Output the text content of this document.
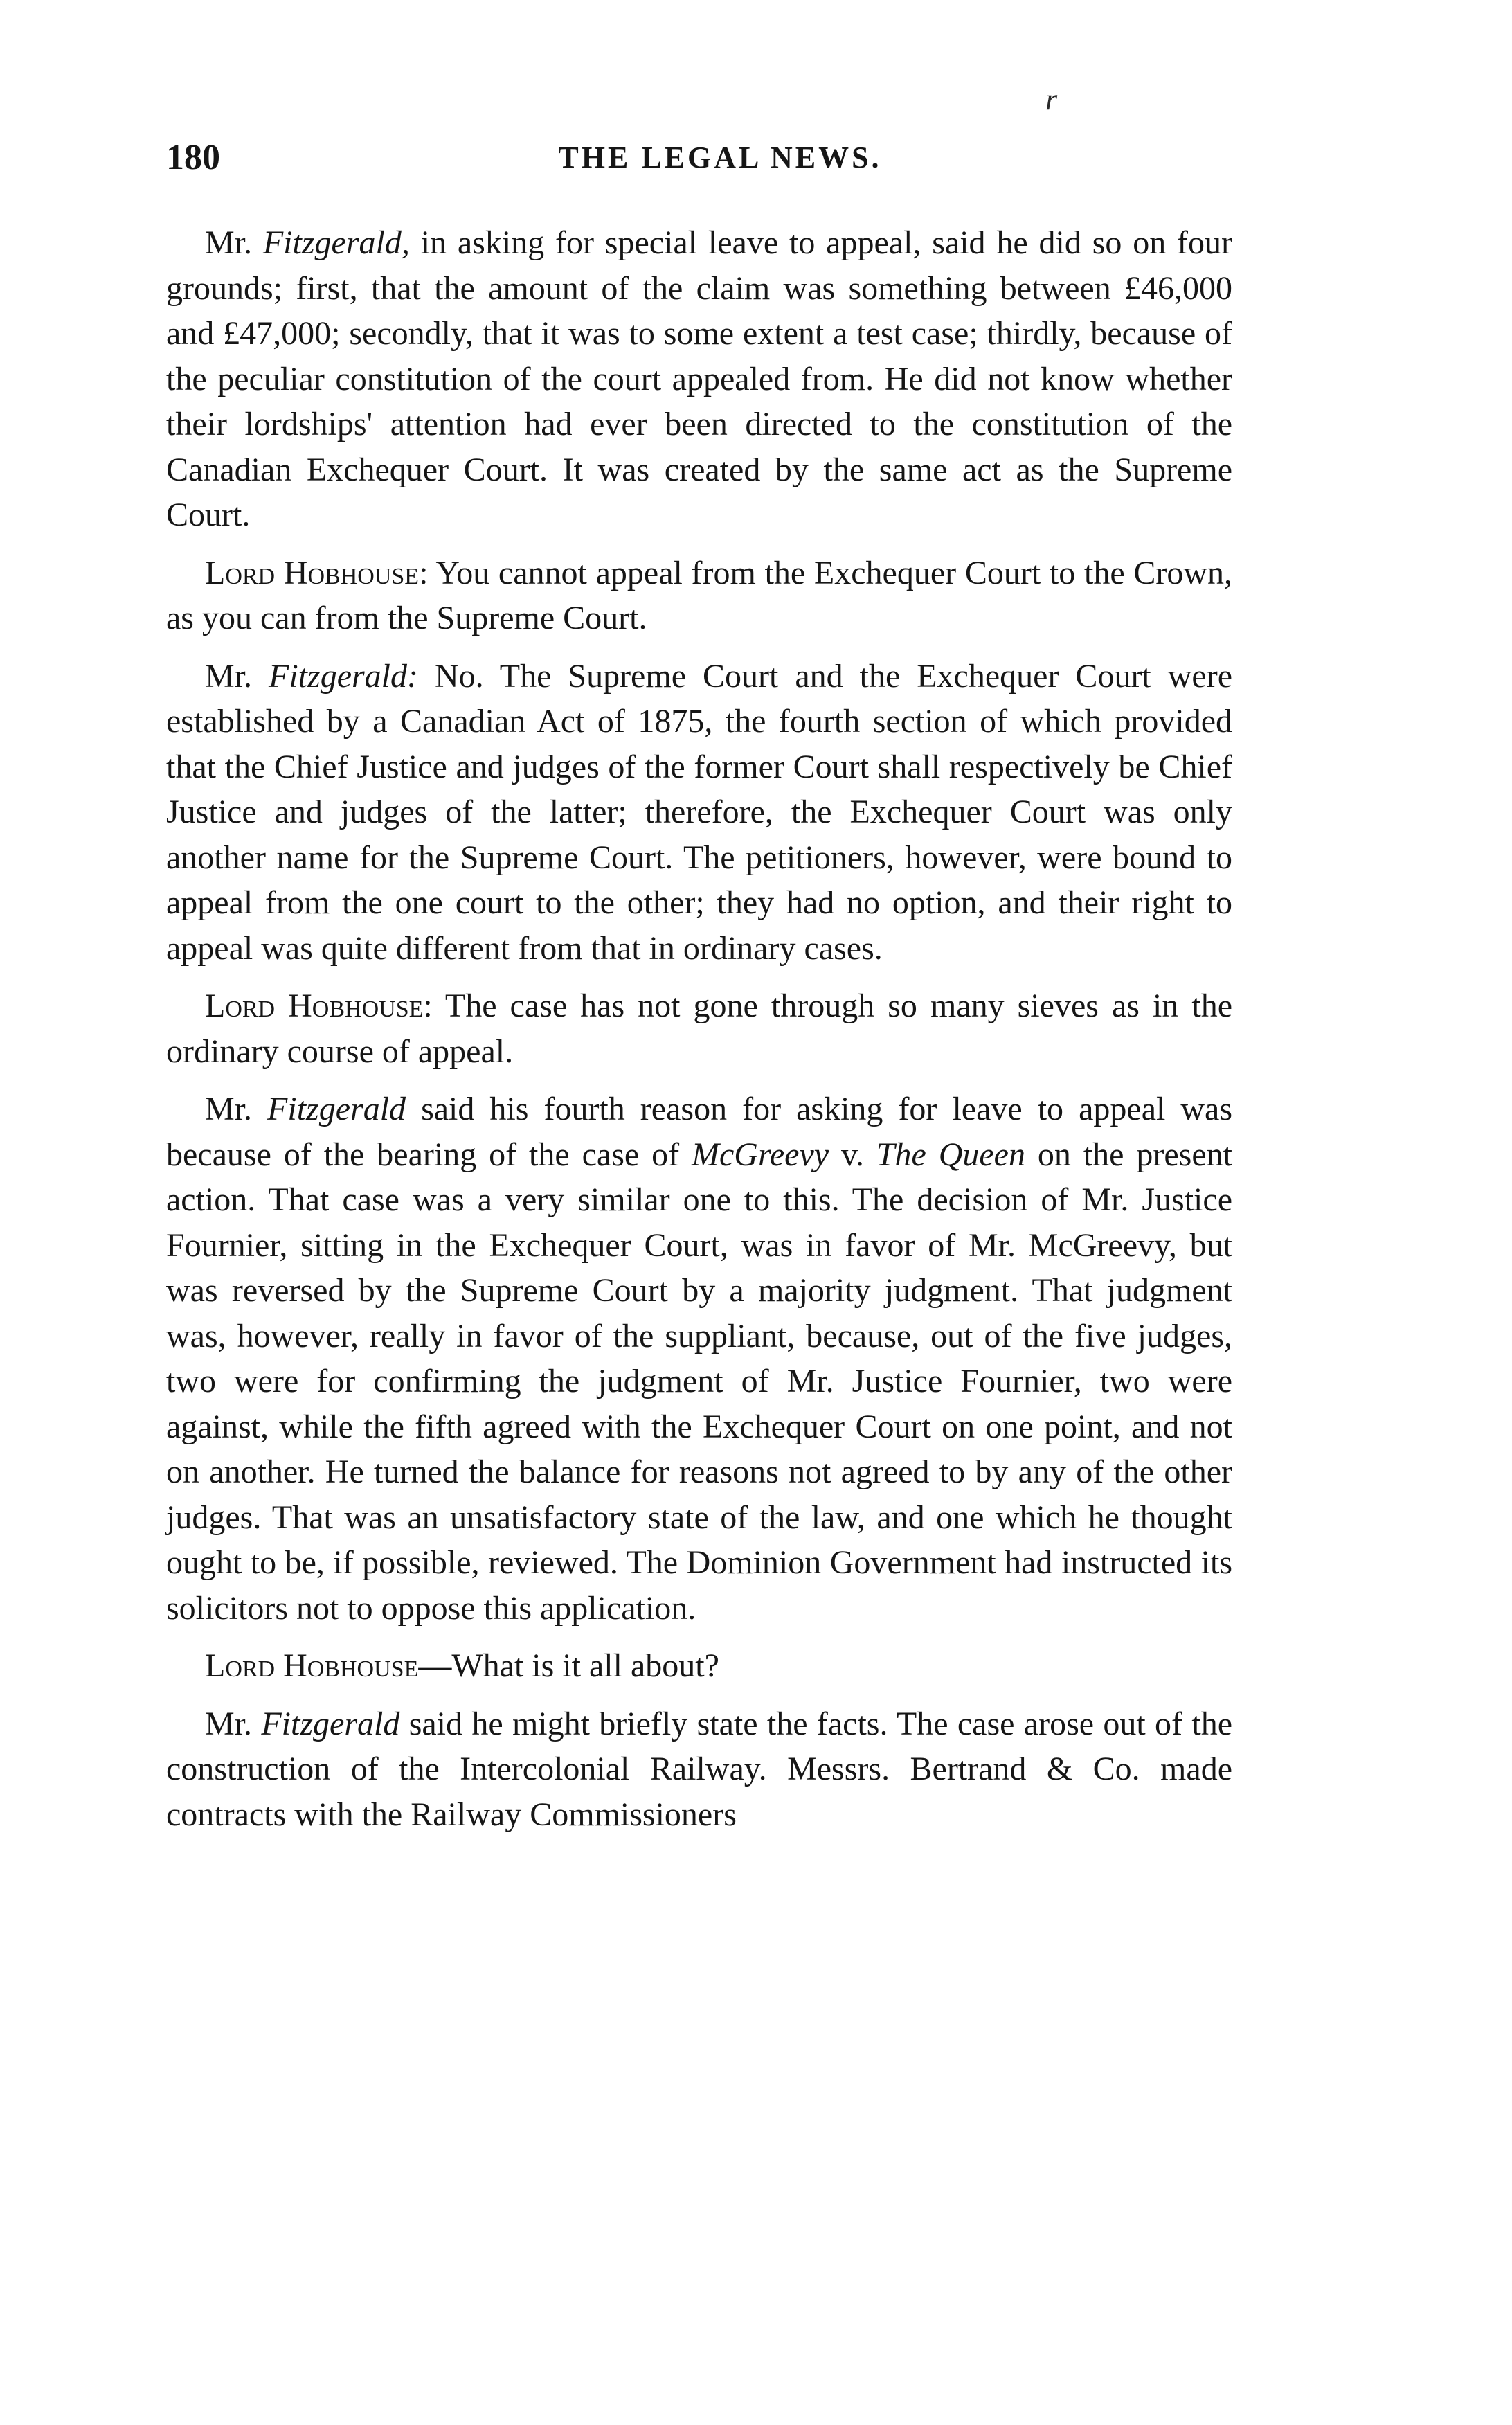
r
180	THE LEGAL NEWS.

Mr. Fitzgerald, in asking for special leave to appeal, said he did so on four grounds; first, that the amount of the claim was something between £46,000 and £47,000; secondly, that it was to some extent a test case; thirdly, because of the peculiar constitution of the court appealed from. He did not know whether their lordships' attention had ever been directed to the constitution of the Canadian Exchequer Court. It was created by the same act as the Supreme Court.

Lord Hobhouse: You cannot appeal from the Exchequer Court to the Crown, as you can from the Supreme Court.

Mr. Fitzgerald: No. The Supreme Court and the Exchequer Court were established by a Canadian Act of 1875, the fourth section of which provided that the Chief Justice and judges of the former Court shall respectively be Chief Justice and judges of the latter; therefore, the Exchequer Court was only another name for the Supreme Court. The petitioners, however, were bound to appeal from the one court to the other; they had no option, and their right to appeal was quite different from that in ordinary cases.

Lord Hobhouse: The case has not gone through so many sieves as in the ordinary course of appeal.

Mr. Fitzgerald said his fourth reason for asking for leave to appeal was because of the bearing of the case of McGreevy v. The Queen on the present action. That case was a very similar one to this. The decision of Mr. Justice Fournier, sitting in the Exchequer Court, was in favor of Mr. McGreevy, but was reversed by the Supreme Court by a majority judgment. That judgment was, however, really in favor of the suppliant, because, out of the five judges, two were for confirming the judgment of Mr. Justice Fournier, two were against, while the fifth agreed with the Exchequer Court on one point, and not on another. He turned the balance for reasons not agreed to by any of the other judges. That was an unsatisfactory state of the law, and one which he thought ought to be, if possible, reviewed. The Dominion Government had instructed its solicitors not to oppose this application.

Lord Hobhouse—What is it all about?

Mr. Fitzgerald said he might briefly state the facts. The case arose out of the construction of the Intercolonial Railway. Messrs. Bertrand & Co. made contracts with the Railway Commissioners
